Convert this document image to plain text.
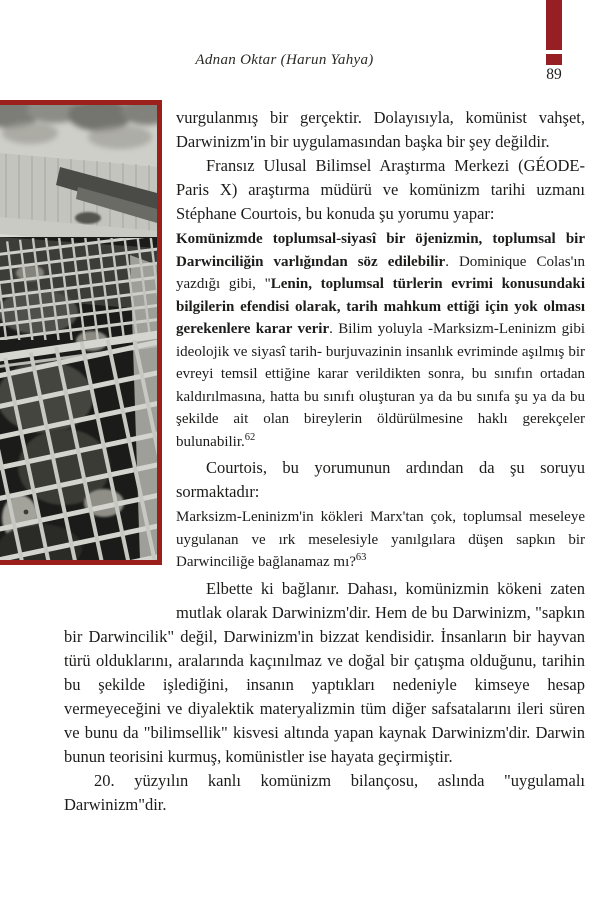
Adnan Oktar (Harun Yahya)
89

vurgulanmış bir gerçektir. Dolayısıyla, komünist vahşet, Darwinizm'in bir uygulamasından başka bir şey değildir.

Fransız Ulusal Bilimsel Araştırma Merkezi (GÉODE-Paris X) araştırma müdürü ve komünizm tarihi uzmanı Stéphane Courtois, bu konuda şu yorumu yapar:

Komünizmde toplumsal-siyasî bir öjenizmin, toplumsal bir Darwinciliğin varlığından söz edilebilir. Dominique Colas'ın yazdığı gibi, "Lenin, toplumsal türlerin evrimi konusundaki bilgilerin efendisi olarak, tarih mahkum ettiği için yok olması gerekenlere karar verir. Bilim yoluyla -Marksizm-Leninizm gibi ideolojik ve siyasî tarih- burjuvazinin insanlık evriminde aşılmış bir evreyi temsil ettiğine karar verildikten sonra, bu sınıfın ortadan kaldırılmasına, hatta bu sınıfı oluşturan ya da bu sınıfa şu ya da bu şekilde ait olan bireylerin öldürülmesine haklı gerekçeler bulunabilir.$^{62}$

Courtois, bu yorumunun ardından da şu soruyu sormaktadır:

Marksizm-Leninizm'in kökleri Marx'tan çok, toplumsal meseleye uygulanan ve ırk meselesiyle yanılgılara düşen sapkın bir Darwinciliğe bağlanamaz mı?$^{63}$

Elbette ki bağlanır. Dahası, komünizmin kökeni zaten mutlak olarak Darwinizm'dir. Hem de bu Darwinizm, "sapkın bir Darwincilik" değil, Darwinizm'in bizzat kendisidir. İnsanların bir hayvan türü olduklarını, aralarında kaçınılmaz ve doğal bir çatışma olduğunu, tarihin bu şekilde işlediğini, insanın yaptıkları nedeniyle kimseye hesap vermeyeceğini ve diyalektik materyalizmin tüm diğer safsatalarını ileri süren ve bunu da "bilimsellik" kisvesi altında yapan kaynak Darwinizm'dir. Darwin bunun teorisini kurmuş, komünistler ise hayata geçirmiştir.

20. yüzyılın kanlı komünizm bilançosu, aslında "uygulamalı Darwinizm"dir.
